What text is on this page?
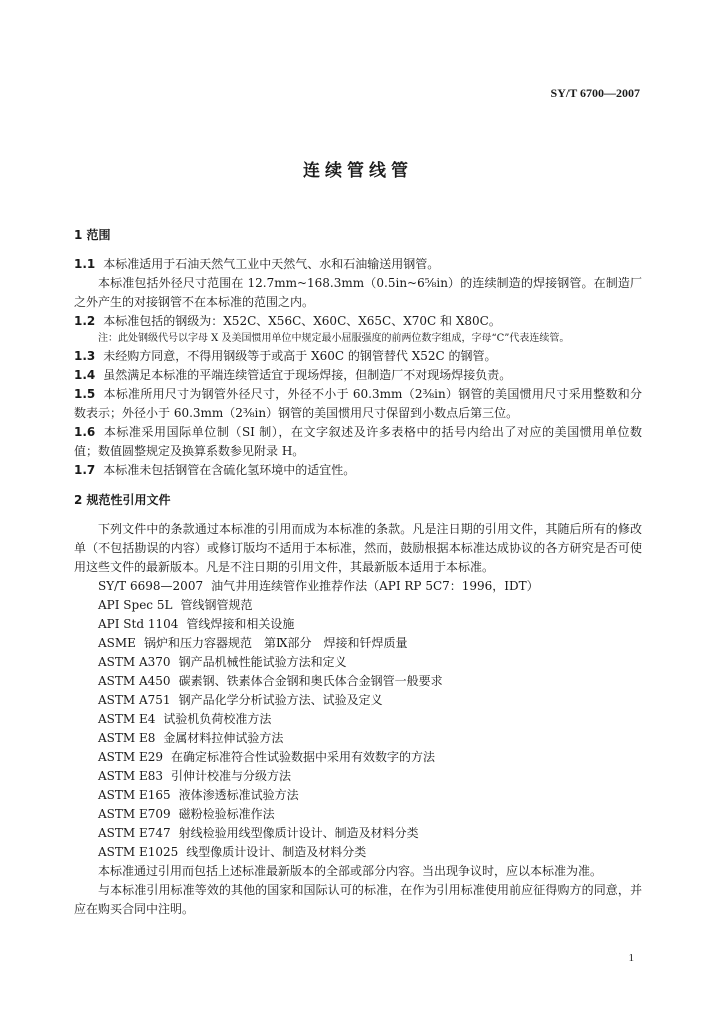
SY/T 6700—2007
连续管线管
1 范围

1.1 本标准适用于石油天然气工业中天然气、水和石油输送用钢管。

本标准包括外径尺寸范围在 12.7mm~168.3mm（0.5in~6⅝in）的连续制造的焊接钢管。在制造厂之外产生的对接钢管不在本标准的范围之内。

1.2 本标准包括的钢级为：X52C、X56C、X60C、X65C、X70C 和 X80C。

注：此处钢级代号以字母 X 及美国惯用单位中规定最小屈服强度的前两位数字组成，字母“C”代表连续管。

1.3 未经购方同意，不得用钢级等于或高于 X60C 的钢管替代 X52C 的钢管。

1.4 虽然满足本标准的平端连续管适宜于现场焊接，但制造厂不对现场焊接负责。

1.5 本标准所用尺寸为钢管外径尺寸，外径不小于 60.3mm（2⅜in）钢管的美国惯用尺寸采用整数和分数表示；外径小于 60.3mm（2⅜in）钢管的美国惯用尺寸保留到小数点后第三位。

1.6 本标准采用国际单位制（SI 制），在文字叙述及许多表格中的括号内给出了对应的美国惯用单位数值；数值圆整规定及换算系数参见附录 H。

1.7 本标准未包括钢管在含硫化氢环境中的适宜性。

2 规范性引用文件

下列文件中的条款通过本标准的引用而成为本标准的条款。凡是注日期的引用文件，其随后所有的修改单（不包括勘误的内容）或修订版均不适用于本标准，然而，鼓励根据本标准达成协议的各方研究是否可使用这些文件的最新版本。凡是不注日期的引用文件，其最新版本适用于本标准。

SY/T 6698—2007 油气井用连续管作业推荐作法（API RP 5C7：1996，IDT）

API Spec 5L 管线钢管规范

API Std 1104 管线焊接和相关设施

ASME 锅炉和压力容器规范　第Ⅸ部分　焊接和钎焊质量

ASTM A370 钢产品机械性能试验方法和定义

ASTM A450 碳素钢、铁素体合金钢和奥氏体合金钢管一般要求

ASTM A751 钢产品化学分析试验方法、试验及定义

ASTM E4 试验机负荷校准方法

ASTM E8 金属材料拉伸试验方法

ASTM E29 在确定标准符合性试验数据中采用有效数字的方法

ASTM E83 引伸计校准与分级方法

ASTM E165 液体渗透标准试验方法

ASTM E709 磁粉检验标准作法

ASTM E747 射线检验用线型像质计设计、制造及材料分类

ASTM E1025 线型像质计设计、制造及材料分类

本标准通过引用而包括上述标准最新版本的全部或部分内容。当出现争议时，应以本标准为准。

与本标准引用标准等效的其他的国家和国际认可的标准，在作为引用标准使用前应征得购方的同意，并应在购买合同中注明。

1
